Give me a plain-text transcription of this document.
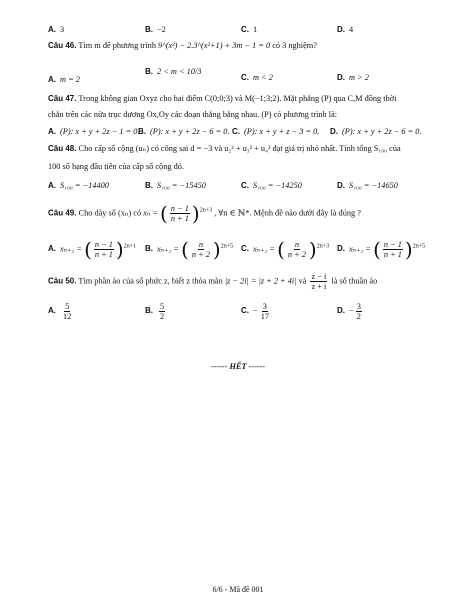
A. 3	B. −2	C. 1	D. 4
Câu 46. Tìm m để phương trình 9^(x²) − 2.3^(x²+1) + 3m − 1 = 0 có 3 nghiệm?
A. m = 2
B. 2 < m < 10/3
C. m < 2	D. m > 2
Câu 47. Trong không gian Oxyz cho hai điểm C(0;0;3) và M(−1;3;2). Mặt phẳng (P) qua C,M đồng thời
chắn trên các nửa trục dương Ox,Oy các đoạn thẳng bằng nhau. (P) có phương trình là:
A. (P): x + y + 2z − 1 = 0.
B. (P): x + y + 2z − 6 = 0. C. (P): x + y + z − 3 = 0. D. (P): x + y + 2z − 6 = 0.
Câu 48. Cho cấp số cộng (uₙ) có công sai d = −3 và u₂² + u₃² + u₄² đạt giá trị nhỏ nhất. Tính tổng S₁₀₀ của
100 số hạng đầu tiên của cấp số cộng đó.
A. S₁₀₀ = −14400	B. S₁₀₀ = −15450	C. S₁₀₀ = −14250	D. S₁₀₀ = −14650
Câu 49. Cho dãy số (xₙ) có xₙ = ( $\frac{n - 1}{n + 1} )^{2n+3}$ , ∀n ∈ ℕ*. Mệnh đề nào dưới đây là đúng ?
A. xₙ₊₁ = ( $\frac{n - 1}{n + 1} )^{2n+1}$ B. xₙ₊₁ = ( $\frac{n}{n + 2} )^{2n+5}$ C. xₙ₊₁ = ( $\frac{n}{n + 2} )^{2n+3}$ D. xₙ₊₁ = ( $\frac{n - 1}{n + 1} )^{2n+5}$
Câu 50. Tìm phần ảo của số phức z, biết z thỏa mãn |z − 2i| = |z + 2 + 4i| và $\frac{z - i}{z + i}$ là số thuần ảo
A. $\frac{5}{12}$	B. $\frac{5}{2}$	C. − $\frac{3}{17}$	D. − $\frac{3}{2}$
------ HẾT ------
6/6 - Mã đề 001
